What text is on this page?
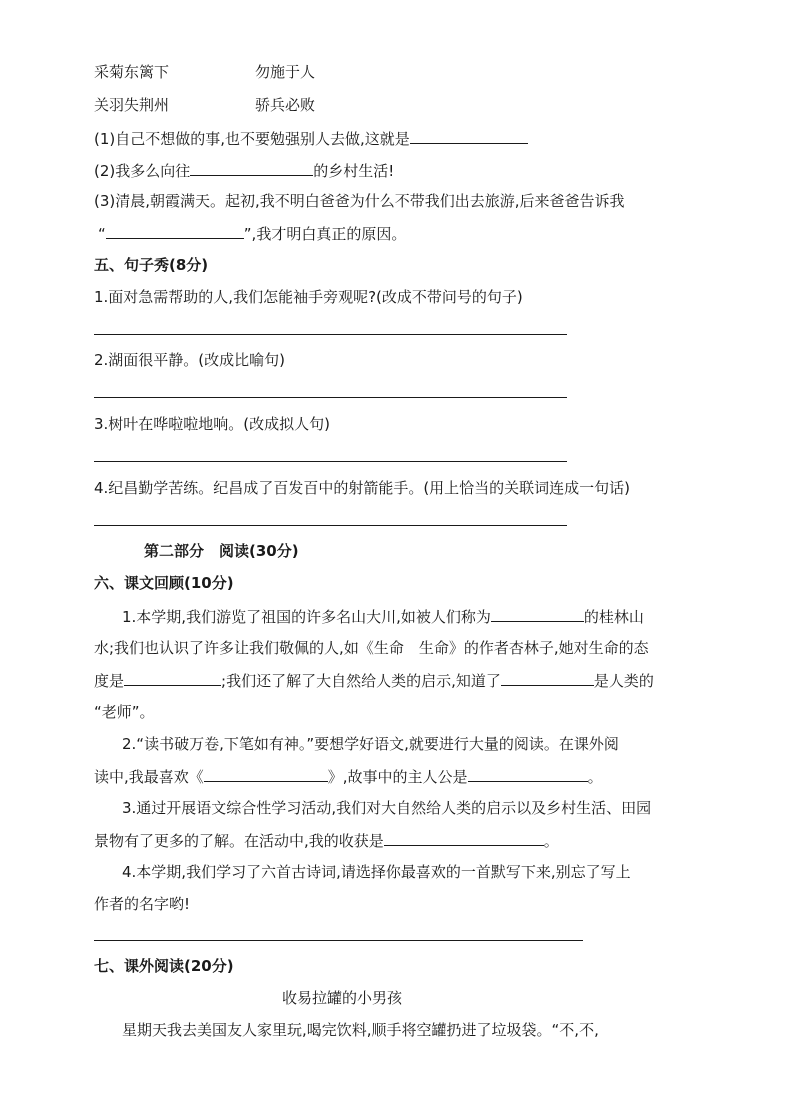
采菊东篱下	勿施于人
关羽失荆州	骄兵必败
(1)自己不想做的事,也不要勉强别人去做,这就是
(2)我多么向往	的乡村生活!
(3)清晨,朝霞满天。起初,我不明白爸爸为什么不带我们出去旅游,后来爸爸告诉我
“	”,我才明白真正的原因。
五、句子秀(8分)
1.面对急需帮助的人,我们怎能袖手旁观呢?(改成不带问号的句子)
2.湖面很平静。(改成比喻句)
3.树叶在哗啦啦地响。(改成拟人句)
4.纪昌勤学苦练。纪昌成了百发百中的射箭能手。(用上恰当的关联词连成一句话)
第二部分　阅读(30分)
六、课文回顾(10分)
1.本学期,我们游览了祖国的许多名山大川,如被人们称为	的桂林山
水;我们也认识了许多让我们敬佩的人,如《生命　生命》的作者杏林子,她对生命的态
度是	;我们还了解了大自然给人类的启示,知道了	是人类的
“老师”。
2.“读书破万卷,下笔如有神。”要想学好语文,就要进行大量的阅读。在课外阅
读中,我最喜欢《	》,故事中的主人公是	。
3.通过开展语文综合性学习活动,我们对大自然给人类的启示以及乡村生活、田园
景物有了更多的了解。在活动中,我的收获是	。
4.本学期,我们学习了六首古诗词,请选择你最喜欢的一首默写下来,别忘了写上
作者的名字哟!
七、课外阅读(20分)
收易拉罐的小男孩
星期天我去美国友人家里玩,喝完饮料,顺手将空罐扔进了垃圾袋。“不,不,
